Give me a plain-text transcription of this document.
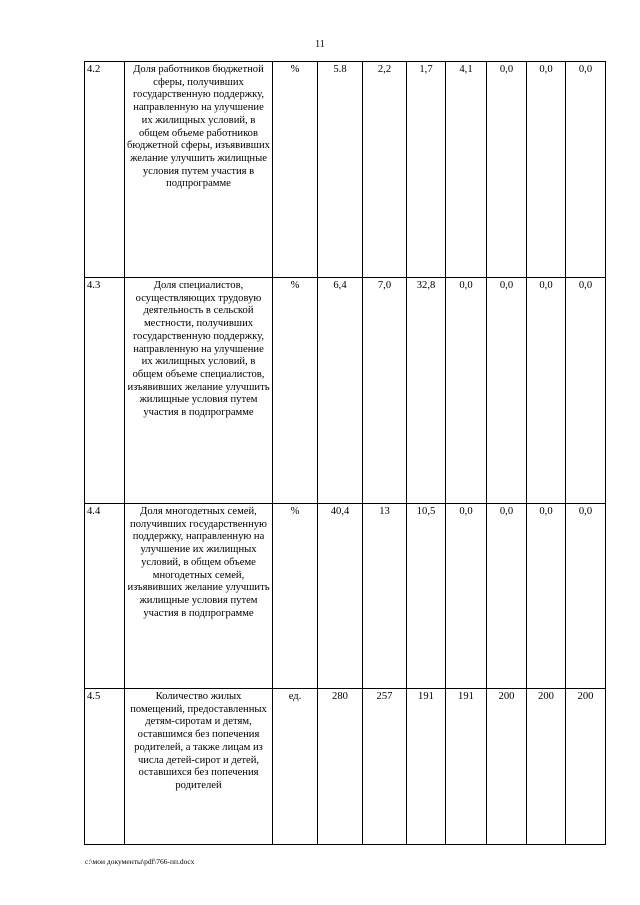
11
4.2	Доля работников бюджетной сферы, получивших государственную поддержку, направленную на улучшение их жилищных условий, в общем объеме работников бюджетной сферы, изъявивших желание улучшить жилищные условия путем участия в подпрограмме	%	5.8	2,2	1,7	4,1	0,0	0,0	0,0
4.3	Доля специалистов, осуществляющих трудовую деятельность в сельской местности, получивших государственную поддержку, направленную на улучшение их жилищных условий, в общем объеме специалистов, изъявивших желание улучшить жилищные условия путем участия в подпрограмме	%	6,4	7,0	32,8	0,0	0,0	0,0	0,0
4.4	Доля многодетных семей, получивших государственную поддержку, направленную на улучшение их жилищных условий, в общем объеме многодетных семей, изъявивших желание улучшить жилищные условия путем участия в подпрограмме	%	40,4	13	10,5	0,0	0,0	0,0	0,0
4.5	Количество жилых помещений, предоставленных детям-сиротам и детям, оставшимся без попечения родителей, а также лицам из числа детей-сирот и детей, оставшихся без попечения родителей	ед.	280	257	191	191	200	200	200
c:\мои документы\pdf\766-пп.docx
